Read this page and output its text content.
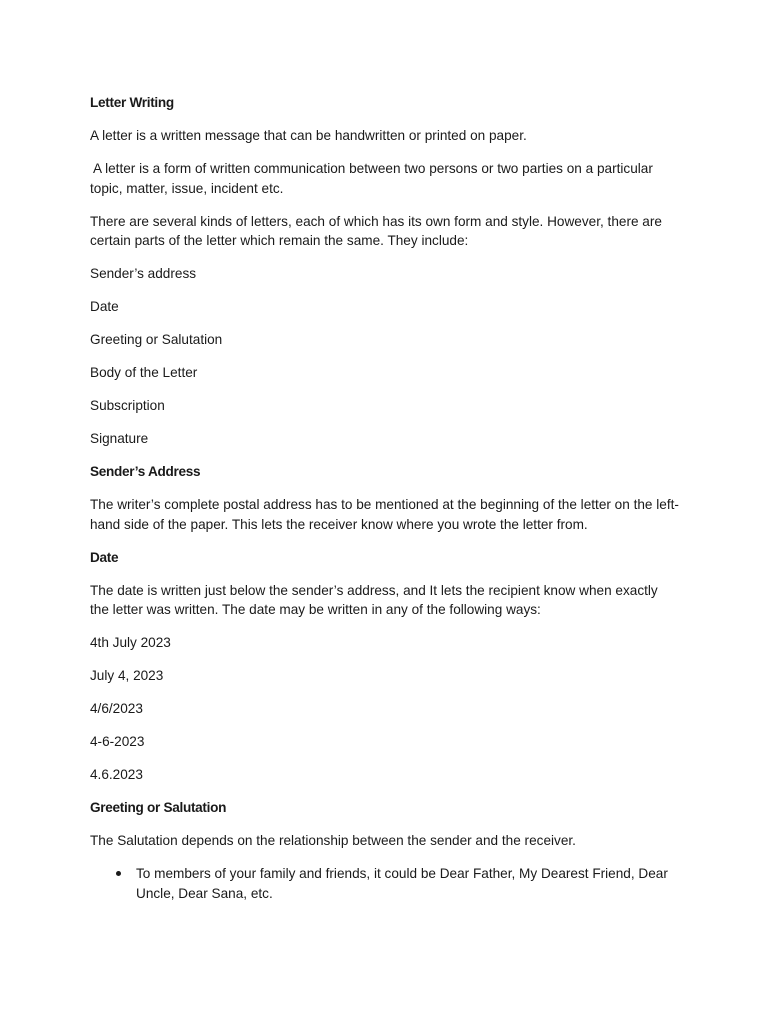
Letter Writing

A letter is a written message that can be handwritten or printed on paper.

A letter is a form of written communication between two persons or two parties on a particular topic, matter, issue, incident etc.

There are several kinds of letters, each of which has its own form and style. However, there are certain parts of the letter which remain the same. They include:

Sender’s address

Date

Greeting or Salutation

Body of the Letter

Subscription

Signature

Sender’s Address

The writer’s complete postal address has to be mentioned at the beginning of the letter on the left-hand side of the paper. This lets the receiver know where you wrote the letter from.

Date

The date is written just below the sender’s address, and It lets the recipient know when exactly the letter was written. The date may be written in any of the following ways:

4th July 2023

July 4, 2023

4/6/2023

4-6-2023

4.6.2023

Greeting or Salutation

The Salutation depends on the relationship between the sender and the receiver.

To members of your family and friends, it could be Dear Father, My Dearest Friend, Dear Uncle, Dear Sana, etc.
